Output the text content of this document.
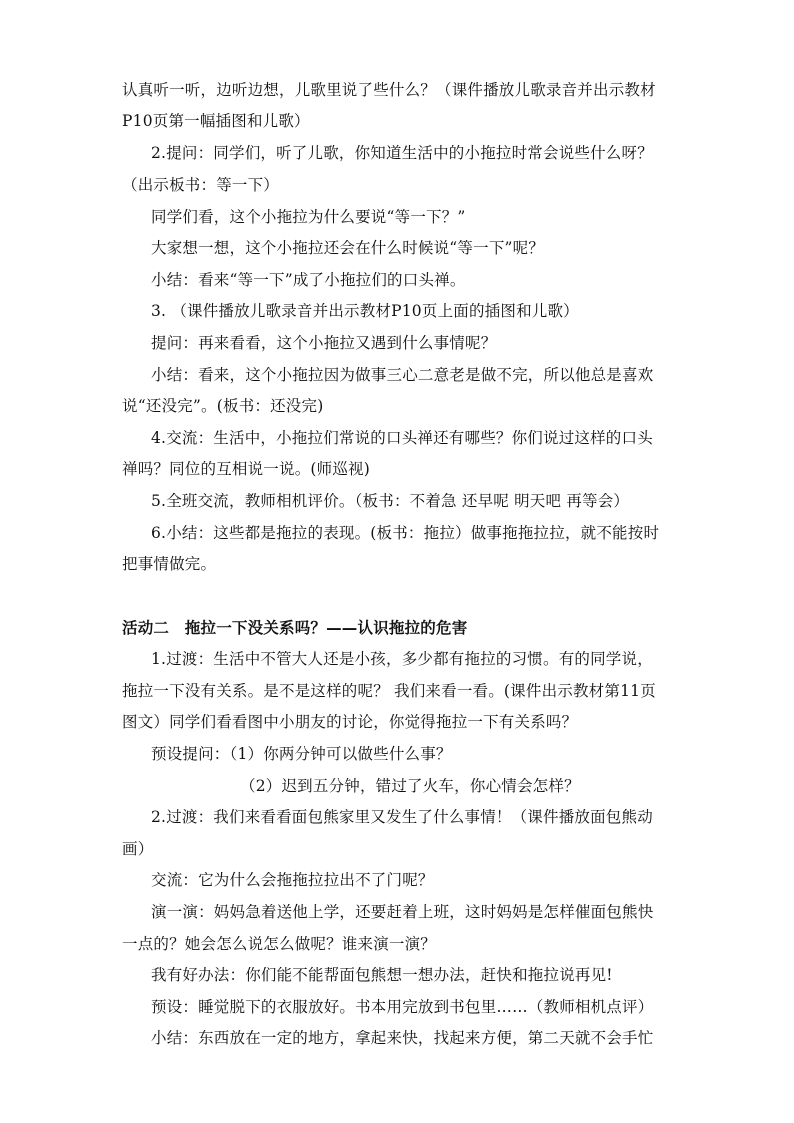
认真听一听，边听边想，儿歌里说了些什么？（课件播放儿歌录音并出示教材
P10页第一幅插图和儿歌）
2.提问：同学们，听了儿歌，你知道生活中的小拖拉时常会说些什么呀？
（出示板书：等一下）
同学们看，这个小拖拉为什么要说“等一下？”
大家想一想，这个小拖拉还会在什么时候说“等一下”呢？
小结：看来“等一下”成了小拖拉们的口头禅。
3. （课件播放儿歌录音并出示教材P10页上面的插图和儿歌）
提问：再来看看，这个小拖拉又遇到什么事情呢？
小结：看来，这个小拖拉因为做事三心二意老是做不完，所以他总是喜欢
说“还没完”。(板书：还没完)
4.交流：生活中，小拖拉们常说的口头禅还有哪些？你们说过这样的口头
禅吗？同位的互相说一说。(师巡视)
5.全班交流，教师相机评价。（板书：不着急 还早呢 明天吧 再等会）
6.小结：这些都是拖拉的表现。(板书：拖拉）做事拖拖拉拉，就不能按时
把事情做完。
活动二　拖拉一下没关系吗？——认识拖拉的危害
1.过渡：生活中不管大人还是小孩，多少都有拖拉的习惯。有的同学说，
拖拉一下没有关系。是不是这样的呢？ 我们来看一看。(课件出示教材第11页
图文）同学们看看图中小朋友的讨论，你觉得拖拉一下有关系吗？
预设提问：（1）你两分钟可以做些什么事？
（2）迟到五分钟，错过了火车，你心情会怎样？
2.过渡：我们来看看面包熊家里又发生了什么事情！（课件播放面包熊动
画）
交流：它为什么会拖拖拉拉出不了门呢？
演一演：妈妈急着送他上学，还要赶着上班，这时妈妈是怎样催面包熊快
一点的？她会怎么说怎么做呢？谁来演一演？
我有好办法：你们能不能帮面包熊想一想办法，赶快和拖拉说再见!
预设：睡觉脱下的衣服放好。书本用完放到书包里……（教师相机点评）
小结：东西放在一定的地方，拿起来快，找起来方便，第二天就不会手忙
